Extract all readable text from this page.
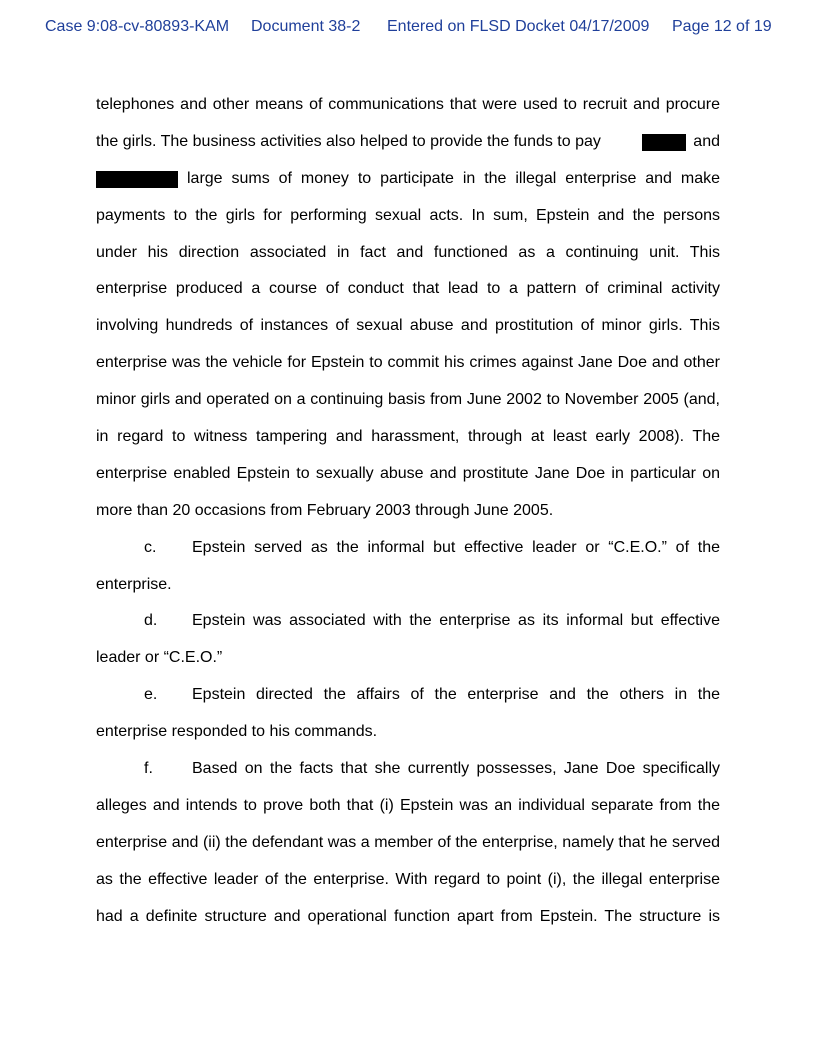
Case 9:08-cv-80893-KAM Document 38-2 Entered on FLSD Docket 04/17/2009 Page 12 of 19
telephones and other means of communications that were used to recruit and procure
the girls. The business activities also helped to provide the funds to pay	and
large sums of money to participate in the illegal enterprise and make
payments to the girls for performing sexual acts. In sum, Epstein and the persons
under his direction associated in fact and functioned as a continuing unit. This
enterprise produced a course of conduct that lead to a pattern of criminal activity
involving hundreds of instances of sexual abuse and prostitution of minor girls. This
enterprise was the vehicle for Epstein to commit his crimes against Jane Doe and other
minor girls and operated on a continuing basis from June 2002 to November 2005 (and,
in regard to witness tampering and harassment, through at least early 2008). The
enterprise enabled Epstein to sexually abuse and prostitute Jane Doe in particular on
more than 20 occasions from February 2003 through June 2005.
c. Epstein served as the informal but effective leader or “C.E.O.” of the
enterprise.
d. Epstein was associated with the enterprise as its informal but effective
leader or “C.E.O.”
e. Epstein directed the affairs of the enterprise and the others in the
enterprise responded to his commands.
f. Based on the facts that she currently possesses, Jane Doe specifically
alleges and intends to prove both that (i) Epstein was an individual separate from the
enterprise and (ii) the defendant was a member of the enterprise, namely that he served
as the effective leader of the enterprise. With regard to point (i), the illegal enterprise
had a definite structure and operational function apart from Epstein. The structure is
